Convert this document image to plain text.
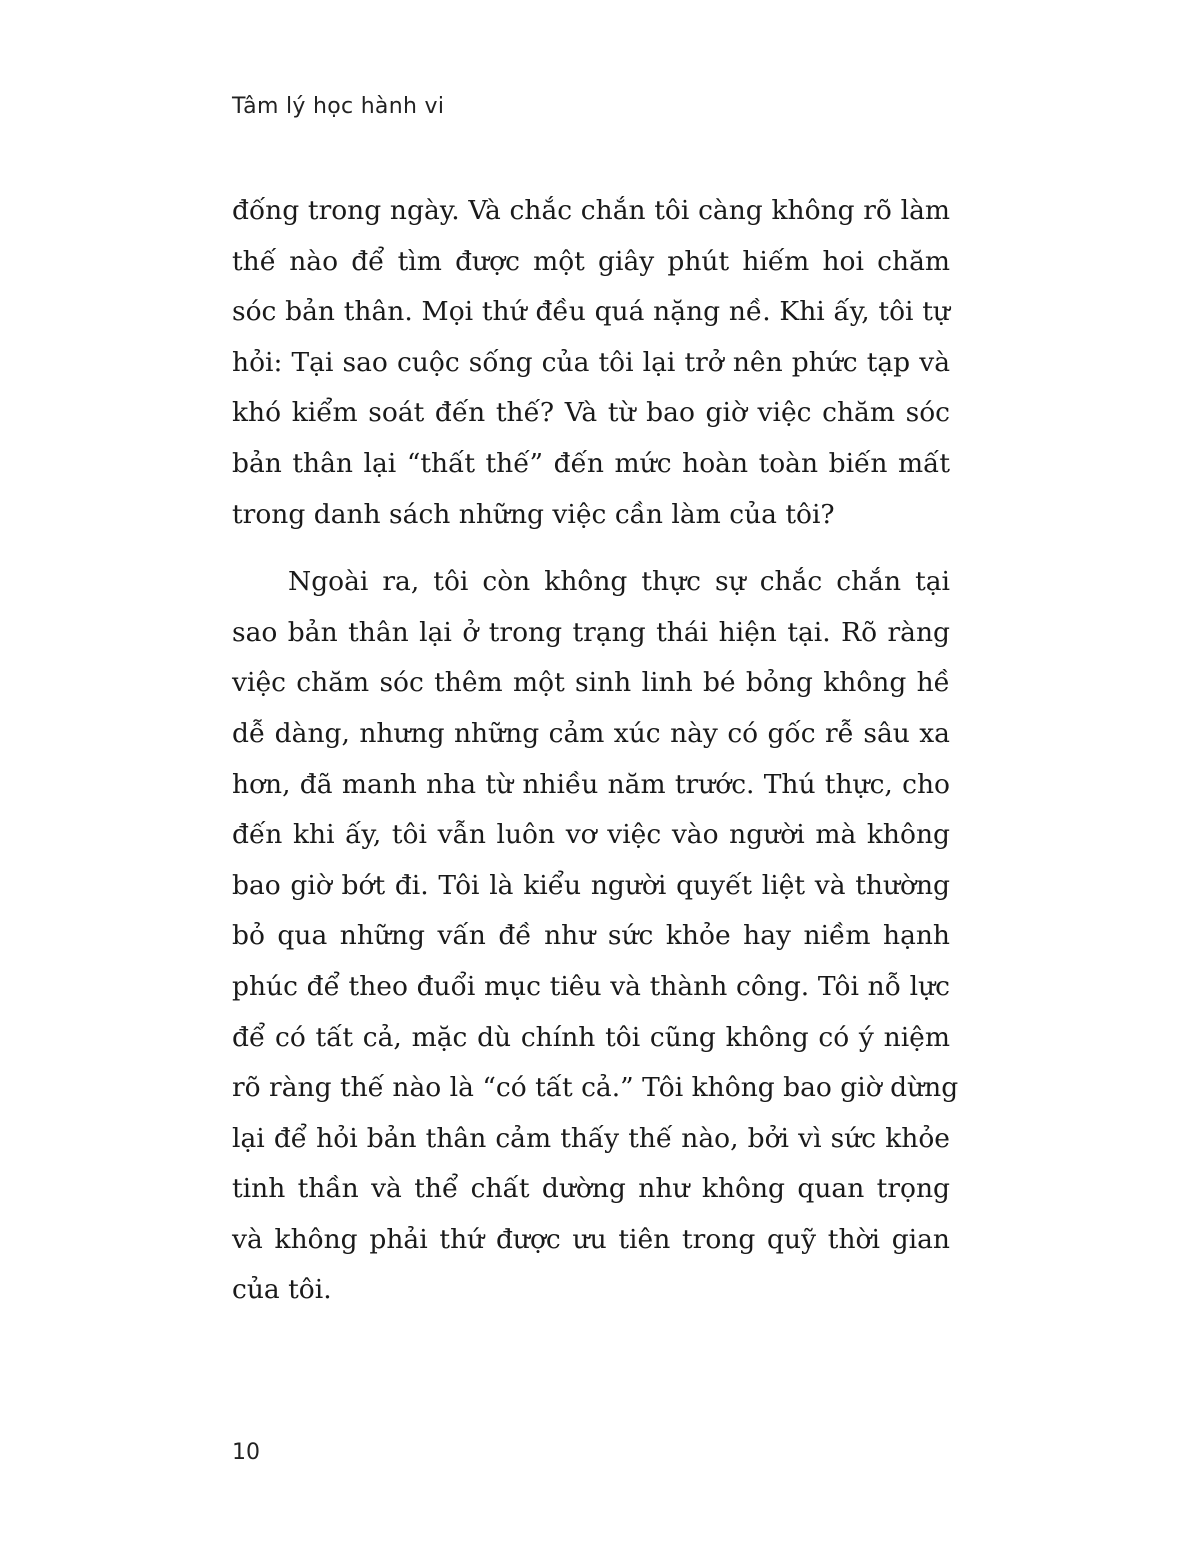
Tâm lý học hành vi

đống trong ngày. Và chắc chắn tôi càng không rõ làm
thế nào để tìm được một giây phút hiếm hoi chăm
sóc bản thân. Mọi thứ đều quá nặng nề. Khi ấy, tôi tự
hỏi: Tại sao cuộc sống của tôi lại trở nên phức tạp và
khó kiểm soát đến thế? Và từ bao giờ việc chăm sóc
bản thân lại “thất thế” đến mức hoàn toàn biến mất
trong danh sách những việc cần làm của tôi?

Ngoài ra, tôi còn không thực sự chắc chắn tại
sao bản thân lại ở trong trạng thái hiện tại. Rõ ràng
việc chăm sóc thêm một sinh linh bé bỏng không hề
dễ dàng, nhưng những cảm xúc này có gốc rễ sâu xa
hơn, đã manh nha từ nhiều năm trước. Thú thực, cho
đến khi ấy, tôi vẫn luôn vơ việc vào người mà không
bao giờ bớt đi. Tôi là kiểu người quyết liệt và thường
bỏ qua những vấn đề như sức khỏe hay niềm hạnh
phúc để theo đuổi mục tiêu và thành công. Tôi nỗ lực
để có tất cả, mặc dù chính tôi cũng không có ý niệm
rõ ràng thế nào là “có tất cả.” Tôi không bao giờ dừng
lại để hỏi bản thân cảm thấy thế nào, bởi vì sức khỏe
tinh thần và thể chất dường như không quan trọng
và không phải thứ được ưu tiên trong quỹ thời gian
của tôi.

10
